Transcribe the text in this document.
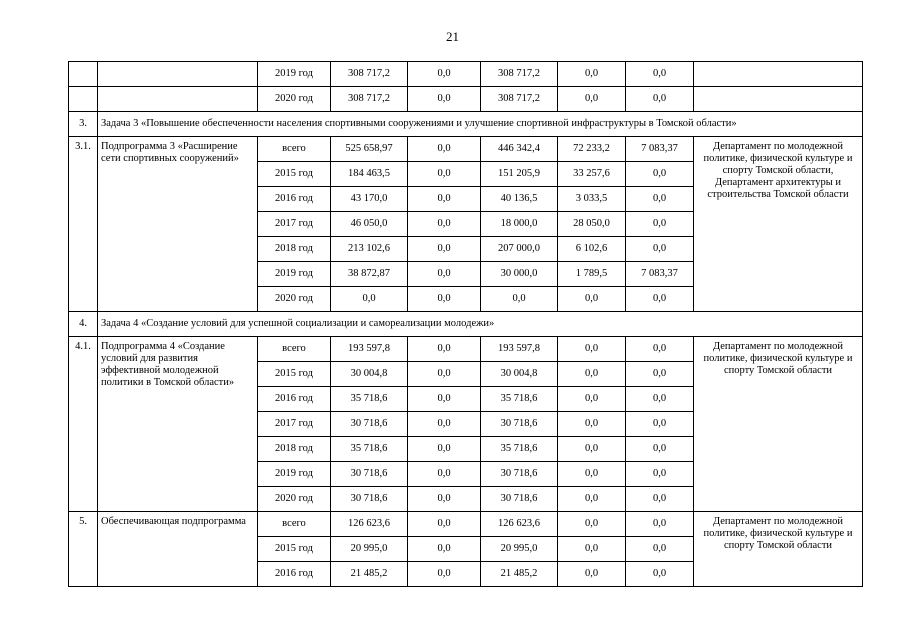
21
		2019 год	308 717,2	0,0	308 717,2	0,0	0,0	
		2020 год	308 717,2	0,0	308 717,2	0,0	0,0	
3.	Задача 3 «Повышение обеспеченности населения спортивными сооружениями и улучшение спортивной инфраструктуры в Томской области»							
3.1.	Подпрограмма 3 «Расширение сети спортивных сооружений»	всего	525 658,97	0,0	446 342,4	72 233,2	7 083,37	Департамент по молодежной политике, физической культуре и спорту Томской области, Департамент архитектуры и строительства Томской области
		2015 год	184 463,5	0,0	151 205,9	33 257,6	0,0	
		2016 год	43 170,0	0,0	40 136,5	3 033,5	0,0	
		2017 год	46 050,0	0,0	18 000,0	28 050,0	0,0	
		2018 год	213 102,6	0,0	207 000,0	6 102,6	0,0	
		2019 год	38 872,87	0,0	30 000,0	1 789,5	7 083,37	
		2020 год	0,0	0,0	0,0	0,0	0,0	
4.	Задача 4 «Создание условий для успешной социализации и самореализации молодежи»							
4.1.	Подпрограмма 4 «Создание условий для развития эффективной молодежной политики в Томской области»	всего	193 597,8	0,0	193 597,8	0,0	0,0	Департамент по молодежной политике, физической культуре и спорту Томской области
		2015 год	30 004,8	0,0	30 004,8	0,0	0,0	
		2016 год	35 718,6	0,0	35 718,6	0,0	0,0	
		2017 год	30 718,6	0,0	30 718,6	0,0	0,0	
		2018 год	35 718,6	0,0	35 718,6	0,0	0,0	
		2019 год	30 718,6	0,0	30 718,6	0,0	0,0	
		2020 год	30 718,6	0,0	30 718,6	0,0	0,0	
5.	Обеспечивающая подпрограмма	всего	126 623,6	0,0	126 623,6	0,0	0,0	Департамент по молодежной политике, физической культуре и спорту Томской области
		2015 год	20 995,0	0,0	20 995,0	0,0	0,0	
		2016 год	21 485,2	0,0	21 485,2	0,0	0,0	
